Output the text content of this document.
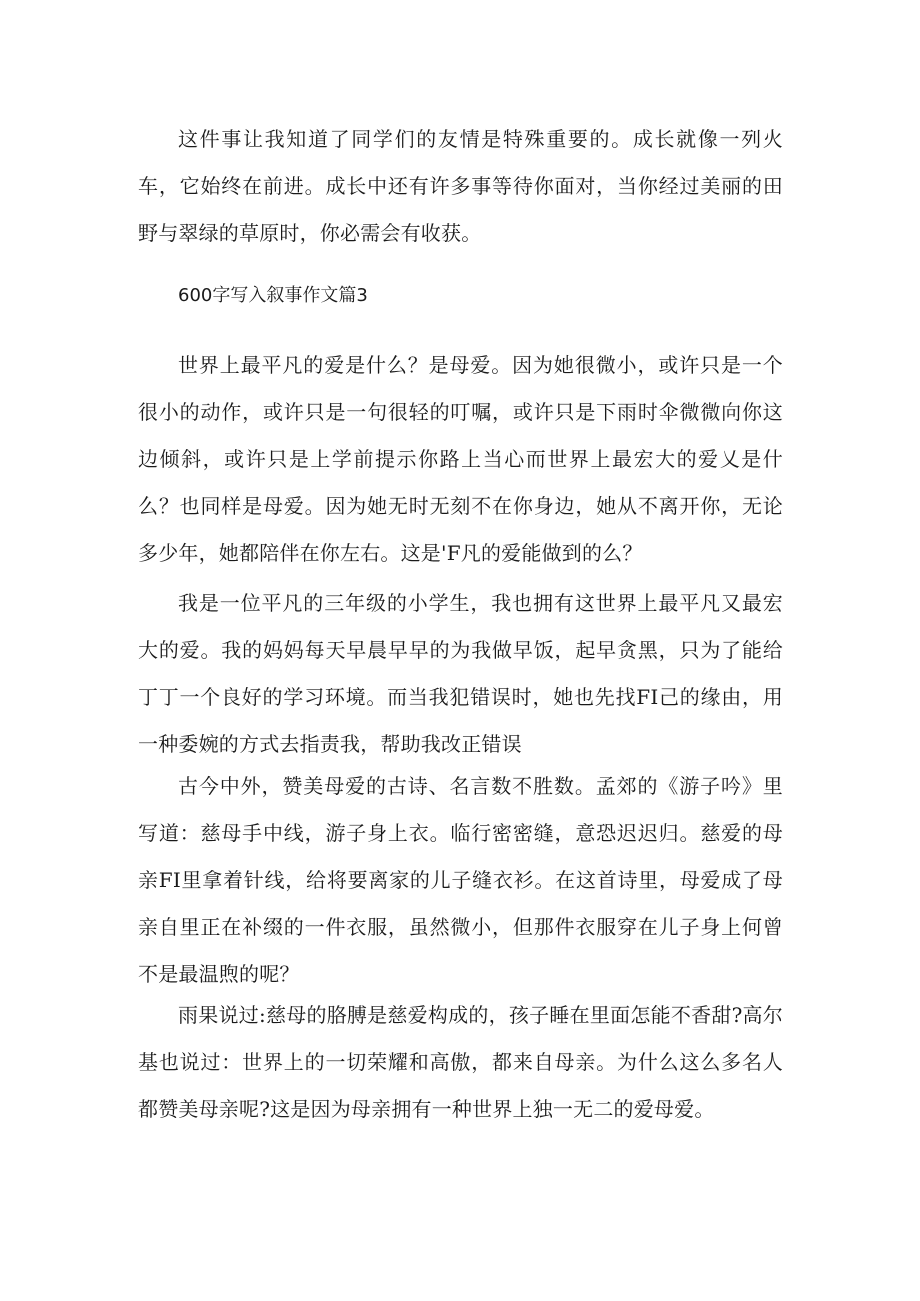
这件事让我知道了同学们的友情是特殊重要的。成长就像一列火车，它始终在前进。成长中还有许多事等待你面对，当你经过美丽的田野与翠绿的草原时，你必需会有收获。

600字写入叙事作文篇3

世界上最平凡的爱是什么？是母爱。因为她很微小，或许只是一个很小的动作，或许只是一句很轻的叮嘱，或许只是下雨时伞微微向你这边倾斜，或许只是上学前提示你路上当心而世界上最宏大的爱乂是什么？也同样是母爱。因为她无时无刻不在你身边，她从不离开你，无论多少年，她都陪伴在你左右。这是'F凡的爱能做到的么？

我是一位平凡的三年级的小学生，我也拥有这世界上最平凡又最宏大的爱。我的妈妈每天早晨早早的为我做早饭，起早贪黑，只为了能给丁丁一个良好的学习环境。而当我犯错误时，她也先找FI己的缘由，用一种委婉的方式去指责我，帮助我改正错误

古今中外，赞美母爱的古诗、名言数不胜数。孟郊的《游子吟》里写道：慈母手中线，游子身上衣。临行密密缝，意恐迟迟归。慈爱的母亲FI里拿着针线，给将要离家的儿子缝衣衫。在这首诗里，母爱成了母亲自里正在补缀的一件衣服，虽然微小，但那件衣服穿在儿子身上何曾不是最温煦的呢？

雨果说过:慈母的胳膊是慈爱构成的，孩子睡在里面怎能不香甜?高尔基也说过：世界上的一切荣耀和高傲，都来自母亲。为什么这么多名人都赞美母亲呢?这是因为母亲拥有一种世界上独一无二的爱母爱。
